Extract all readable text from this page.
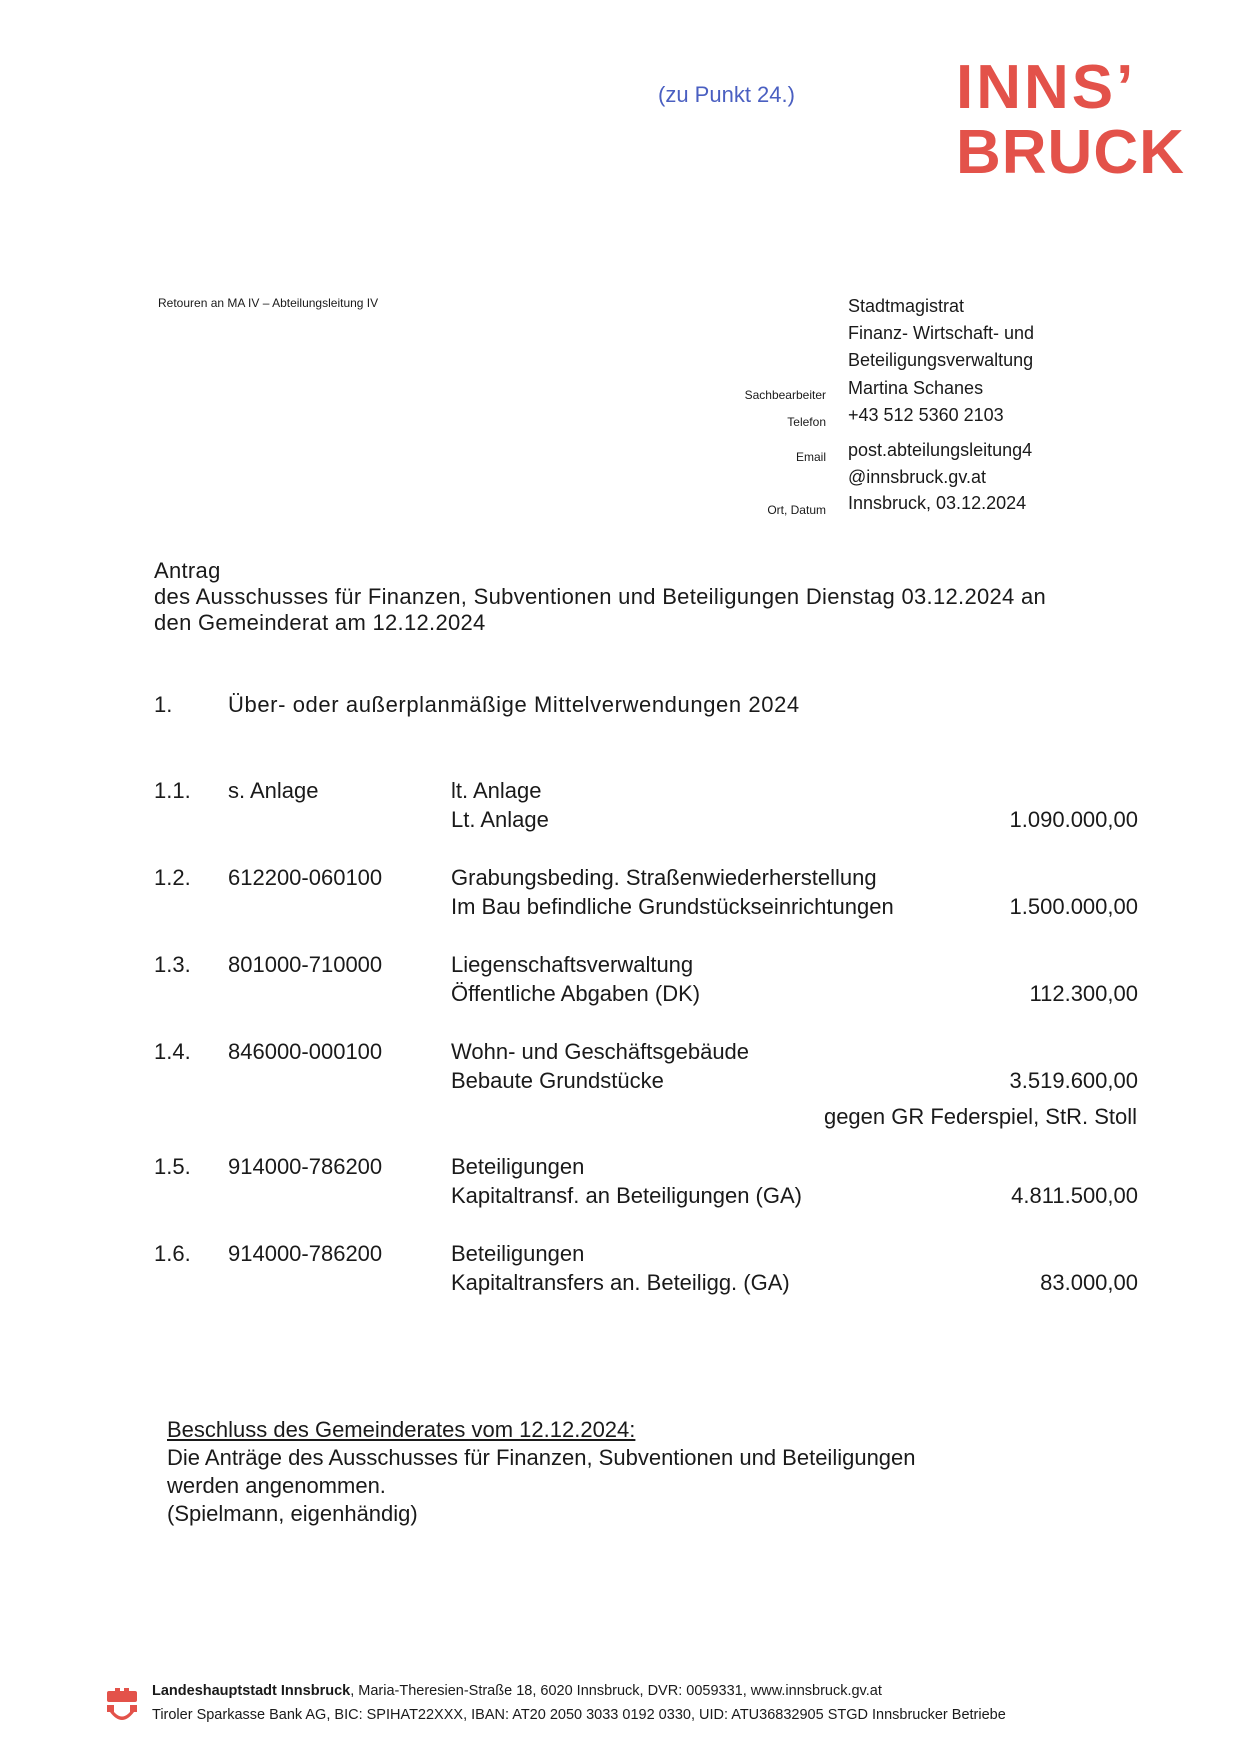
(zu Punkt 24.)	INNS’
BRUCK
Retouren an MA IV – Abteilungsleitung IV	Stadtmagistrat
Finanz- Wirtschaft- und
Beteiligungsverwaltung
Sachbearbeiter Martina Schanes
Telefon +43 512 5360 2103
Email post.abteilungsleitung4
@innsbruck.gv.at
Ort, Datum Innsbruck, 03.12.2024
Antrag
des Ausschusses für Finanzen, Subventionen und Beteiligungen Dienstag 03.12.2024 an
den Gemeinderat am 12.12.2024
1.	Über- oder außerplanmäßige Mittelverwendungen 2024
1.1. s. Anlage	lt. Anlage
Lt. Anlage	1.090.000,00
1.2. 612200-060100	Grabungsbeding. Straßenwiederherstellung
Im Bau befindliche Grundstückseinrichtungen	1.500.000,00
1.3. 801000-710000	Liegenschaftsverwaltung
Öffentliche Abgaben (DK)	112.300,00
1.4. 846000-000100	Wohn- und Geschäftsgebäude
Bebaute Grundstücke	3.519.600,00
gegen GR Federspiel, StR. Stoll
1.5. 914000-786200	Beteiligungen
Kapitaltransf. an Beteiligungen (GA)	4.811.500,00
1.6. 914000-786200	Beteiligungen
Kapitaltransfers an. Beteiligg. (GA)	83.000,00
Beschluss des Gemeinderates vom 12.12.2024:
Die Anträge des Ausschusses für Finanzen, Subventionen und Beteiligungen
werden angenommen.
(Spielmann, eigenhändig)
Landeshauptstadt Innsbruck, Maria-Theresien-Straße 18, 6020 Innsbruck, DVR: 0059331, www.innsbruck.gv.at
Tiroler Sparkasse Bank AG, BIC: SPIHAT22XXX, IBAN: AT20 2050 3033 0192 0330, UID: ATU36832905 STGD Innsbrucker Betriebe
